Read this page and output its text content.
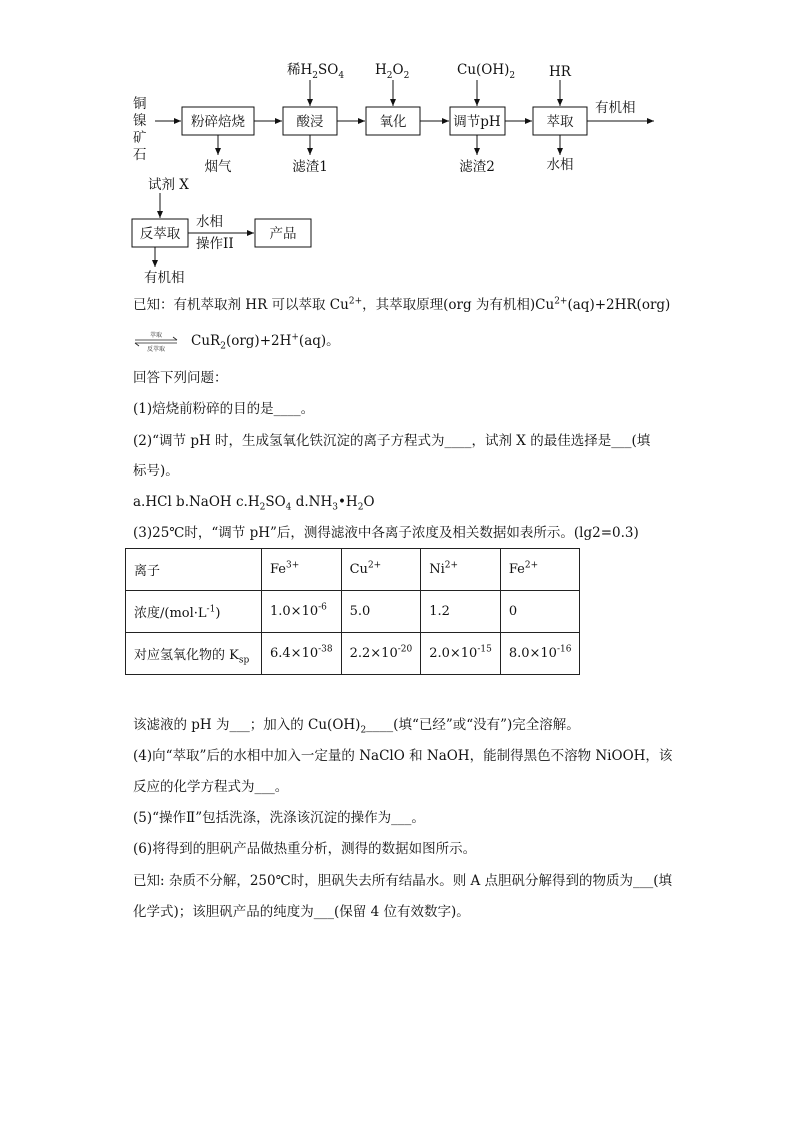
铜
镍
矿
石
粉碎焙烧	酸浸	氧化	调节pH	萃取
反萃取	产品
稀$H_2SO_4$ $H_2O_2$	$Cu(OH)_2$	HR
试剂 X
烟气	滤渣1	滤渣2	水相
有机相
水相
操作II
有机相
已知：有机萃取剂 HR 可以萃取 $Cu^{2+}$，其萃取原理(org 为有机相)$Cu^{2+}(aq)+2HR(org)$
萃取
反萃取
CuR$_2$(org)+2H+(aq)。
回答下列问题：
(1)焙烧前粉碎的目的是____。
(2)“调节 pH 时，生成氢氧化铁沉淀的离子方程式为____，试剂 X 的最佳选择是___(填
标号)。
a.HCl b.NaOH $c.H_2SO_4$ $d.NH_3•H_2O$
(3)25℃时，“调节 pH”后，测得滤液中各离子浓度及相关数据如表所示。(lg2=0.3)
离子	$Fe^{3+}$	$Cu^{2+}$	$Ni^{2+}$	$Fe^{2+}$
浓度$/(mol\cdot L^{-1})$	$1.0\times 10^{-6}$	5.0	1.2	0
对应氢氧化物的 $K_{sp}$	$6.4\times 10^{-38}$	$2.2\times 10^{-20}$	$2.0\times 10^{-15}$	$8.0\times 10^{-16}$
该滤液的 pH 为___；加入的 $Cu(OH)_2\_\_\_\_$(填“已经”或“没有”)完全溶解。
(4)向“萃取”后的水相中加入一定量的 NaClO 和 NaOH，能制得黑色不溶物 NiOOH，该
反应的化学方程式为___。
(5)“操作Ⅱ”包括洗涤，洗涤该沉淀的操作为___。
(6)将得到的胆矾产品做热重分析，测得的数据如图所示。
已知: 杂质不分解，250℃时，胆矾失去所有结晶水。则 A 点胆矾分解得到的物质为___(填
化学式)；该胆矾产品的纯度为___(保留 4 位有效数字)。
